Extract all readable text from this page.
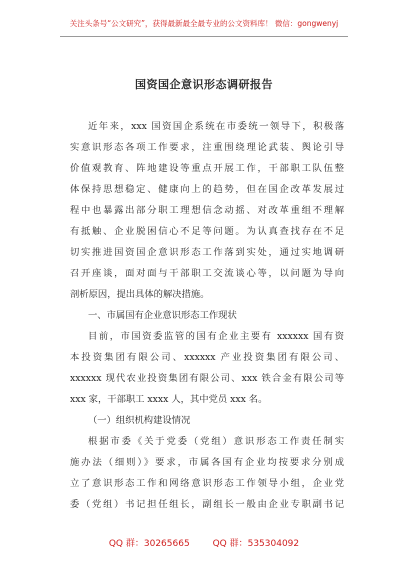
关注头条号“公文研究”，获得最新最全最专业的公文资料库！ 微信：gongwenyj
国资国企意识形态调研报告
近年来，xxx 国资国企系统在市委统一领导下，积极落
实意识形态各项工作要求，注重围绕理论武装、舆论引导
价值观教育、阵地建设等重点开展工作，干部职工队伍整
体保持思想稳定、健康向上的趋势，但在国企改革发展过
程中也暴露出部分职工理想信念动摇、对改革重组不理解
有抵触、企业脱困信心不足等问题。为认真查找存在不足
切实推进国资国企意识形态工作落到实处，通过实地调研
召开座谈，面对面与干部职工交流谈心等，以问题为导向
剖析原因，提出具体的解决措施。
一、市属国有企业意识形态工作现状
目前，市国资委监管的国有企业主要有 xxxxxx 国有资
本投资集团有限公司、xxxxxx 产业投资集团有限公司、
xxxxxx 现代农业投资集团有限公司、xxx 铁合金有限公司等
xxx 家，干部职工 xxxx 人，其中党员 xxx 名。
（一）组织机构建设情况
根据市委《关于党委（党组）意识形态工作责任制实
施办法（细则）》要求，市属各国有企业均按要求分别成
立了意识形态工作和网络意识形态工作领导小组，企业党
委（党组）书记担任组长，副组长一般由企业专职副书记
QQ 群：30265665	QQ 群：535304092
